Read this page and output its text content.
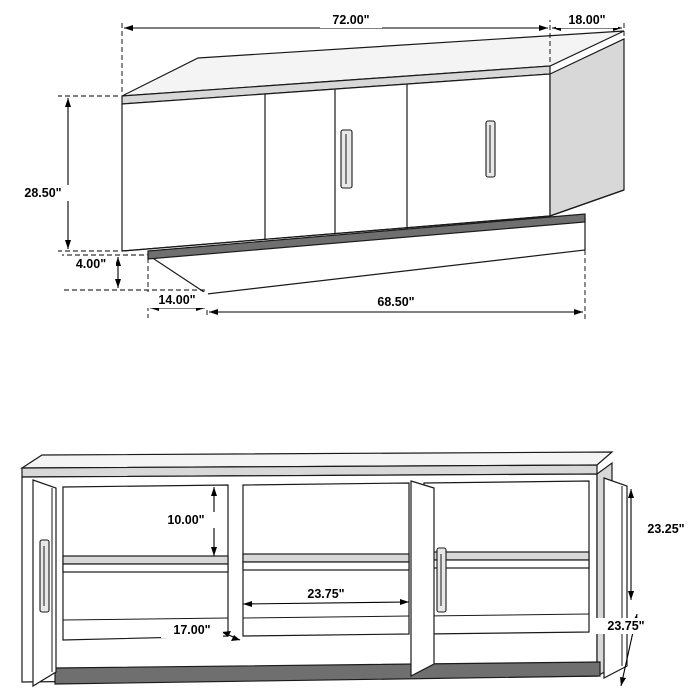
72.00"	18.00"
28.50"
4.00"
14.00"	68.50"
10.00"
23.75"
17.00"
23.25"
23.75"
